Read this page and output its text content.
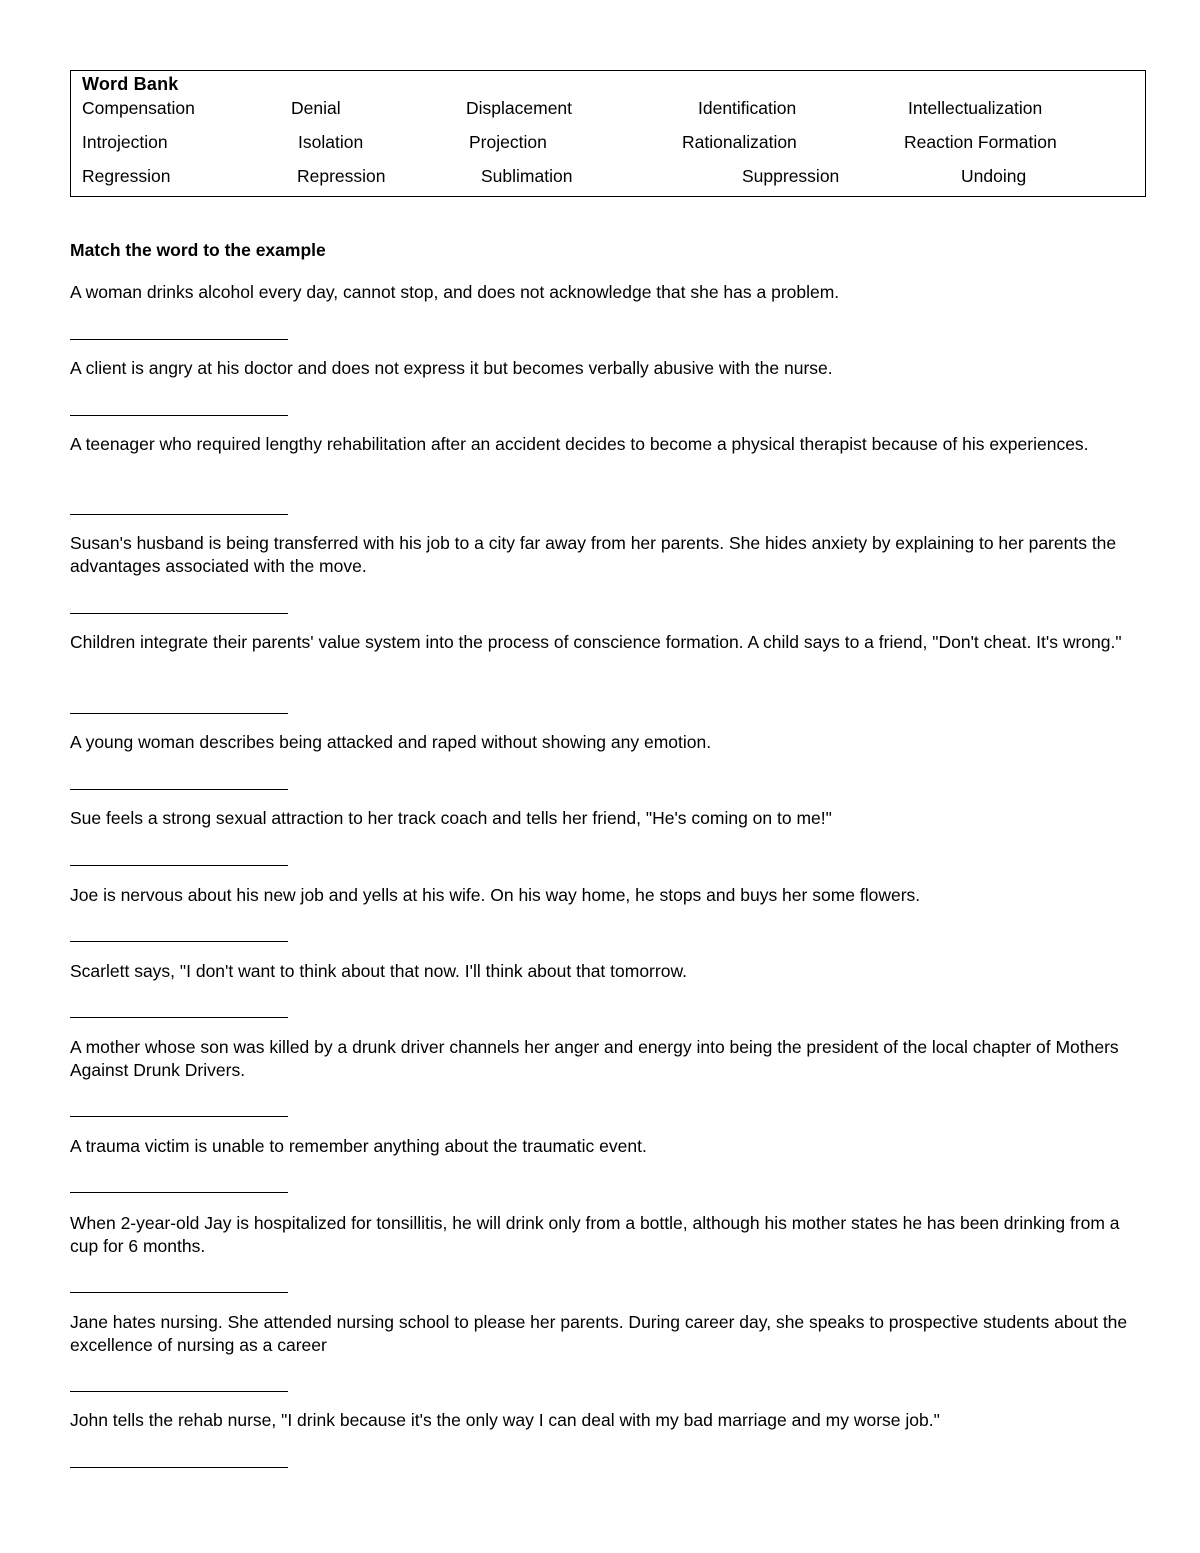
Word Bank
Compensation	Denial	Displacement	Identification	Intellectualization
Introjection	Isolation	Projection	Rationalization	Reaction Formation
Regression	Repression	Sublimation	Suppression	Undoing
Match the word to the example
A woman drinks alcohol every day, cannot stop, and does not acknowledge that she has a problem.
A client is angry at his doctor and does not express it but becomes verbally abusive with the nurse.
A teenager who required lengthy rehabilitation after an accident decides to become a physical therapist because of his experiences.
Susan's husband is being transferred with his job to a city far away from her parents. She hides anxiety by explaining to her parents the advantages associated with the move.
Children integrate their parents' value system into the process of conscience formation. A child says to a friend, "Don't cheat. It's wrong."
A young woman describes being attacked and raped without showing any emotion.
Sue feels a strong sexual attraction to her track coach and tells her friend, "He's coming on to me!"
Joe is nervous about his new job and yells at his wife. On his way home, he stops and buys her some flowers.
Scarlett says, "I don't want to think about that now. I'll think about that tomorrow.
A mother whose son was killed by a drunk driver channels her anger and energy into being the president of the local chapter of Mothers Against Drunk Drivers.
A trauma victim is unable to remember anything about the traumatic event.
When 2-year-old Jay is hospitalized for tonsillitis, he will drink only from a bottle, although his mother states he has been drinking from a cup for 6 months.
Jane hates nursing. She attended nursing school to please her parents. During career day, she speaks to prospective students about the excellence of nursing as a career
John tells the rehab nurse, "I drink because it's the only way I can deal with my bad marriage and my worse job."
